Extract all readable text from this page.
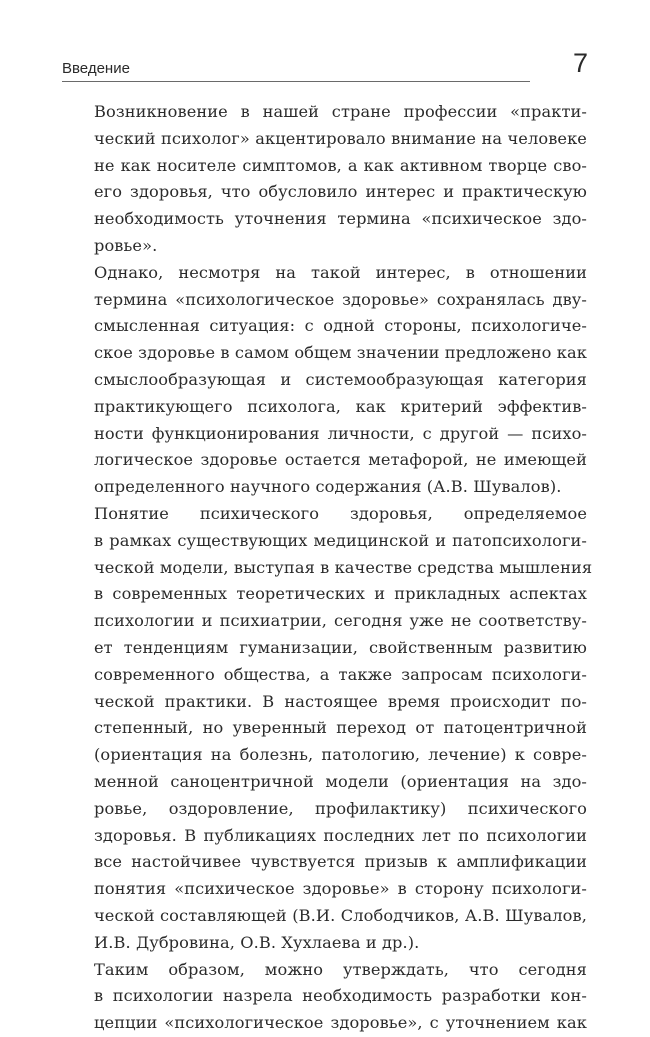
Введение	7

Возникновение в нашей стране профессии «практи-
ческий психолог» акцентировало внимание на человеке
не как носителе симптомов, а как активном творце сво-
его здоровья, что обусловило интерес и практическую
необходимость уточнения термина «психическое здо-
ровье».

Однако, несмотря на такой интерес, в отношении
термина «психологическое здоровье» сохранялась дву-
смысленная ситуация: с одной стороны, психологиче-
ское здоровье в самом общем значении предложено как
смыслообразующая и системообразующая категория
практикующего психолога, как критерий эффектив-
ности функционирования личности, с другой — психо-
логическое здоровье остается метафорой, не имеющей
определенного научного содержания (А.В. Шувалов).

Понятие психического здоровья, определяемое
в рамках существующих медицинской и патопсихологи-
ческой модели, выступая в качестве средства мышления
в современных теоретических и прикладных аспектах
психологии и психиатрии, сегодня уже не соответству-
ет тенденциям гуманизации, свойственным развитию
современного общества, а также запросам психологи-
ческой практики. В настоящее время происходит по-
степенный, но уверенный переход от патоцентричной
(ориентация на болезнь, патологию, лечение) к совре-
менной саноцентричной модели (ориентация на здо-
ровье, оздоровление, профилактику) психического
здоровья. В публикациях последних лет по психологии
все настойчивее чувствуется призыв к амплификации
понятия «психическое здоровье» в сторону психологи-
ческой составляющей (В.И. Слободчиков, А.В. Шувалов,
И.В. Дубровина, О.В. Хухлаева и др.).

Таким образом, можно утверждать, что сегодня
в психологии назрела необходимость разработки кон-
цепции «психологическое здоровье», с уточнением как
